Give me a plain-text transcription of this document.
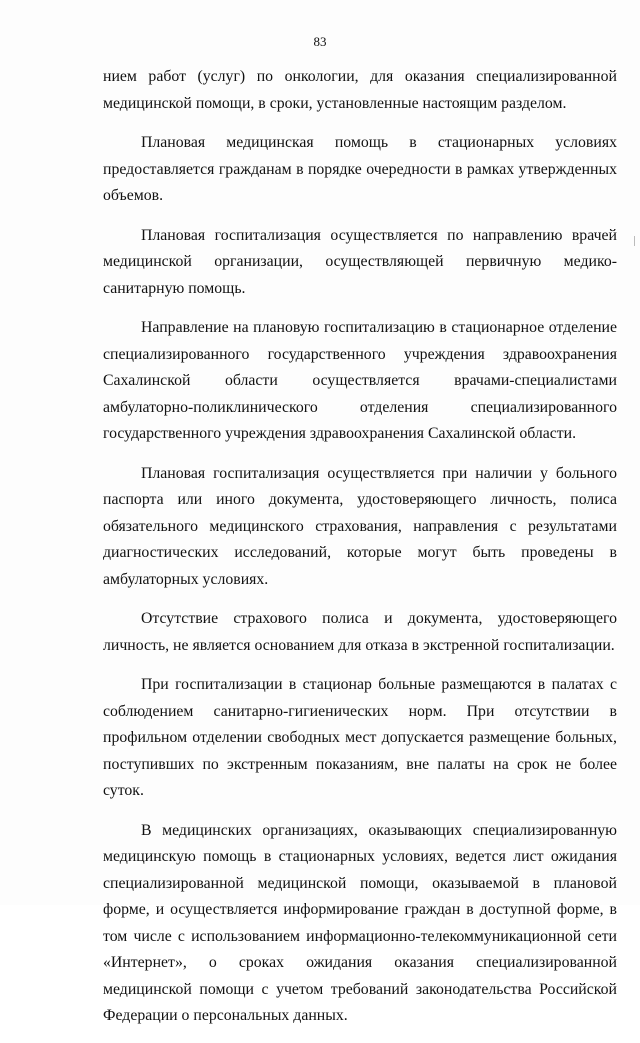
83

нием работ (услуг) по онкологии, для оказания специализированной медицинской помощи, в сроки, установленные настоящим разделом.

Плановая медицинская помощь в стационарных условиях предоставляется гражданам в порядке очередности в рамках утвержденных объемов.

Плановая госпитализация осуществляется по направлению врачей медицинской организации, осуществляющей первичную медико-санитарную помощь.

Направление на плановую госпитализацию в стационарное отделение специализированного государственного учреждения здравоохранения Сахалинской области осуществляется врачами-специалистами амбулаторно-поликлинического отделения специализированного государственного учреждения здравоохранения Сахалинской области.

Плановая госпитализация осуществляется при наличии у больного паспорта или иного документа, удостоверяющего личность, полиса обязательного медицинского страхования, направления с результатами диагностических исследований, которые могут быть проведены в амбулаторных условиях.

Отсутствие страхового полиса и документа, удостоверяющего личность, не является основанием для отказа в экстренной госпитализации.

При госпитализации в стационар больные размещаются в палатах с соблюдением санитарно-гигиенических норм. При отсутствии в профильном отделении свободных мест допускается размещение больных, поступивших по экстренным показаниям, вне палаты на срок не более суток.

В медицинских организациях, оказывающих специализированную медицинскую помощь в стационарных условиях, ведется лист ожидания специализированной медицинской помощи, оказываемой в плановой форме, и осуществляется информирование граждан в доступной форме, в том числе с использованием информационно-телекоммуникационной сети «Интернет», о сроках ожидания оказания специализированной медицинской помощи с учетом требований законодательства Российской Федерации о персональных данных.
